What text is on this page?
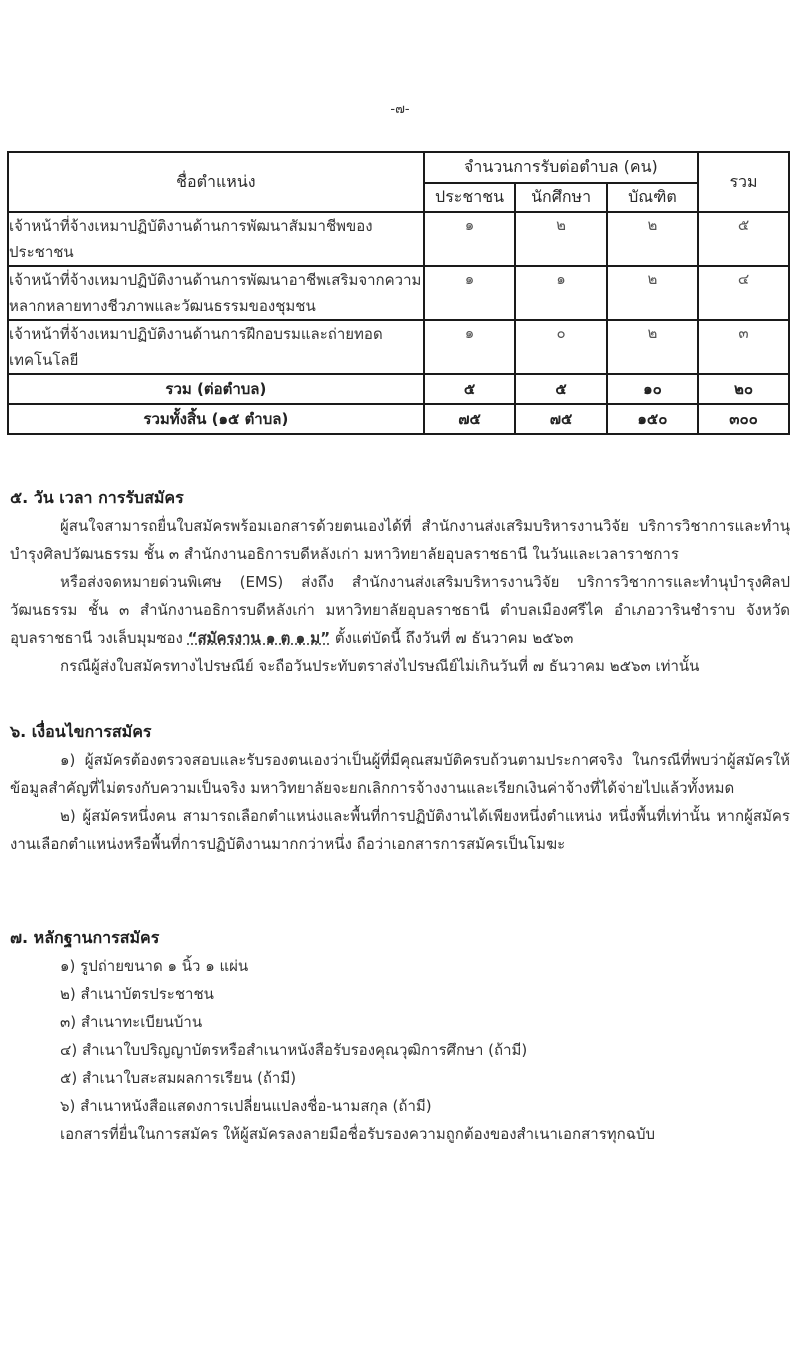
-๗-
ชื่อตำแหน่ง	จำนวนการรับต่อตำบล (คน)			รวม
	ประชาชน	นักศึกษา	บัณฑิต	
เจ้าหน้าที่จ้างเหมาปฏิบัติงานด้านการพัฒนาสัมมาชีพของประชาชน	๑	๒	๒	๕
เจ้าหน้าที่จ้างเหมาปฏิบัติงานด้านการพัฒนาอาชีพเสริมจากความหลากหลายทางชีวภาพและวัฒนธรรมของชุมชน	๑	๑	๒	๔
เจ้าหน้าที่จ้างเหมาปฏิบัติงานด้านการฝึกอบรมและถ่ายทอดเทคโนโลยี	๑	๐	๒	๓
รวม (ต่อตำบล)	๕	๕	๑๐	๒๐
รวมทั้งสิ้น (๑๕ ตำบล)	๗๕	๗๕	๑๕๐	๓๐๐
๕. วัน เวลา การรับสมัคร

ผู้สนใจสามารถยื่นใบสมัครพร้อมเอกสารด้วยตนเองได้ที่ สำนักงานส่งเสริมบริหารงานวิจัย บริการวิชาการและทำนุบำรุงศิลปวัฒนธรรม ชั้น ๓ สำนักงานอธิการบดีหลังเก่า มหาวิทยาลัยอุบลราชธานี ในวันและเวลาราชการ

หรือส่งจดหมายด่วนพิเศษ (EMS) ส่งถึง สำนักงานส่งเสริมบริหารงานวิจัย บริการวิชาการและทำนุบำรุงศิลปวัฒนธรรม ชั้น ๓ สำนักงานอธิการบดีหลังเก่า มหาวิทยาลัยอุบลราชธานี ตำบลเมืองศรีไค อำเภอวารินชำราบ จังหวัดอุบลราชธานี วงเล็บมุมซอง “สมัครงาน ๑ ต ๑ ม” ตั้งแต่บัดนี้ ถึงวันที่ ๗ ธันวาคม ๒๕๖๓

กรณีผู้ส่งใบสมัครทางไปรษณีย์ จะถือวันประทับตราส่งไปรษณีย์ไม่เกินวันที่ ๗ ธันวาคม ๒๕๖๓ เท่านั้น

๖. เงื่อนไขการสมัคร

๑) ผู้สมัครต้องตรวจสอบและรับรองตนเองว่าเป็นผู้ที่มีคุณสมบัติครบถ้วนตามประกาศจริง ในกรณีที่พบว่าผู้สมัครให้ข้อมูลสำคัญที่ไม่ตรงกับความเป็นจริง มหาวิทยาลัยจะยกเลิกการจ้างงานและเรียกเงินค่าจ้างที่ได้จ่ายไปแล้วทั้งหมด

๒) ผู้สมัครหนึ่งคน สามารถเลือกตำแหน่งและพื้นที่การปฏิบัติงานได้เพียงหนึ่งตำแหน่ง หนึ่งพื้นที่เท่านั้น หากผู้สมัครงานเลือกตำแหน่งหรือพื้นที่การปฏิบัติงานมากกว่าหนึ่ง ถือว่าเอกสารการสมัครเป็นโมฆะ

๗. หลักฐานการสมัคร

๑) รูปถ่ายขนาด ๑ นิ้ว ๑ แผ่น

๒) สำเนาบัตรประชาชน

๓) สำเนาทะเบียนบ้าน

๔) สำเนาใบปริญญาบัตรหรือสำเนาหนังสือรับรองคุณวุฒิการศึกษา (ถ้ามี)

๕) สำเนาใบสะสมผลการเรียน (ถ้ามี)

๖) สำเนาหนังสือแสดงการเปลี่ยนแปลงชื่อ-นามสกุล (ถ้ามี)

เอกสารที่ยื่นในการสมัคร ให้ผู้สมัครลงลายมือชื่อรับรองความถูกต้องของสำเนาเอกสารทุกฉบับ
